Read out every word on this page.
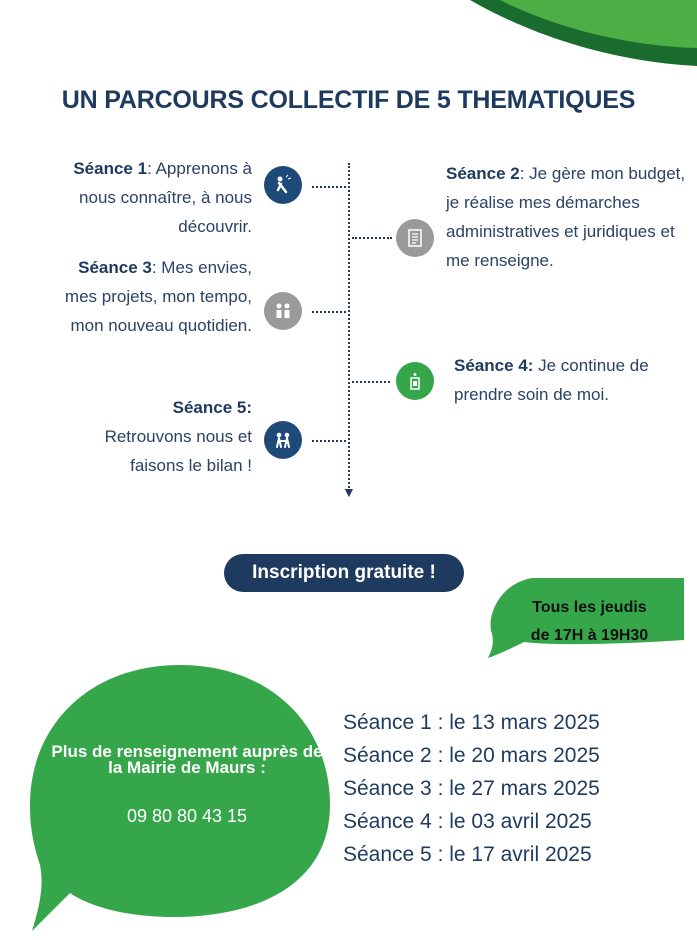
UN PARCOURS COLLECTIF DE 5 THEMATIQUES
▼
Séance 1: Apprenons à nous connaître, à nous découvrir.
Séance 2: Je gère mon budget, je réalise mes démarches administratives et juridiques et me renseigne.
Séance 3: Mes envies, mes projets, mon tempo, mon nouveau quotidien.
Séance 4: Je continue de prendre soin de moi.
Séance 5:
Retrouvons nous et faisons le bilan !
Inscription gratuite !
Tous les jeudis
de 17H à 19H30
Plus de renseignement auprès de la Mairie de Maurs :
09 80 80 43 15
Séance 1 : le 13 mars 2025
Séance 2 : le 20 mars 2025
Séance 3 : le 27 mars 2025
Séance 4 : le 03 avril 2025
Séance 5 : le 17 avril 2025
